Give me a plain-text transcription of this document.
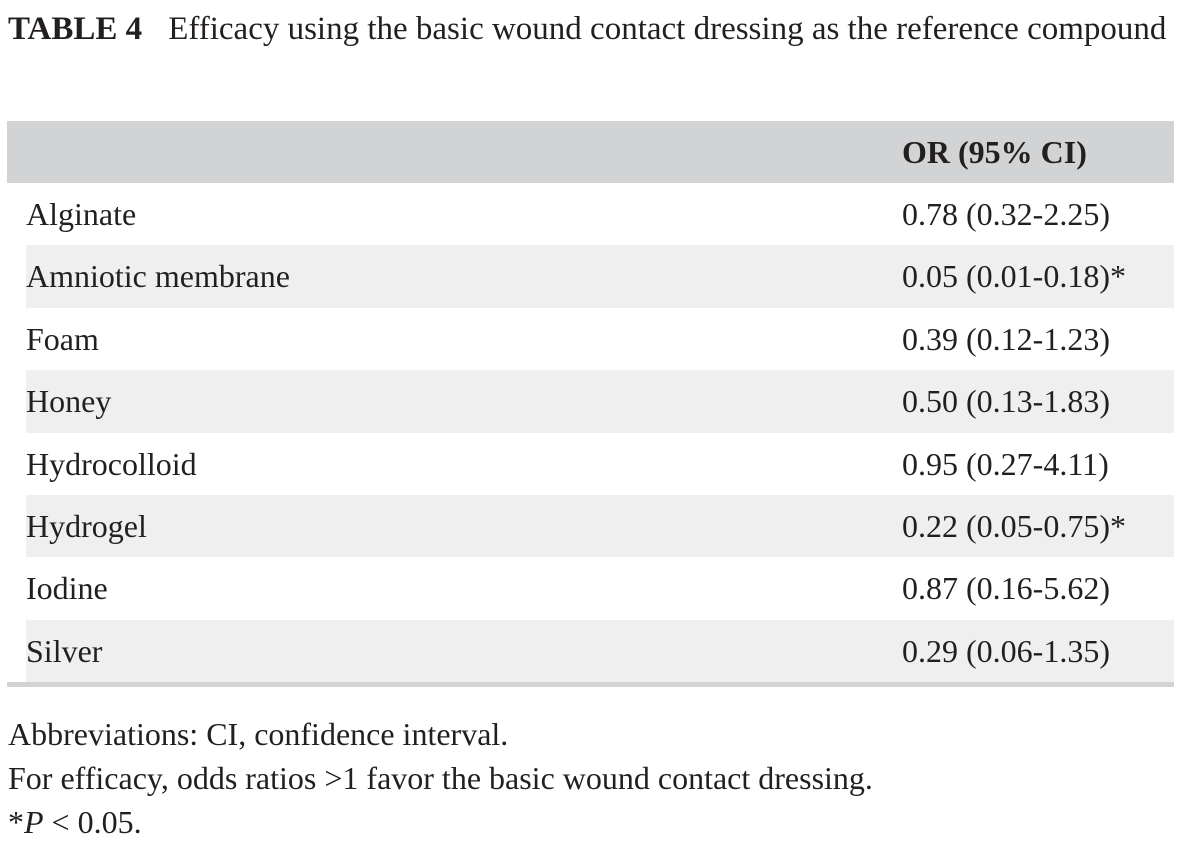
TABLE 4 Efficacy using the basic wound contact dressing as the reference compound
OR (95% CI)
Alginate	0.78 (0.32-2.25)
Amniotic membrane	0.05 (0.01-0.18)*
Foam	0.39 (0.12-1.23)
Honey	0.50 (0.13-1.83)
Hydrocolloid	0.95 (0.27-4.11)
Hydrogel	0.22 (0.05-0.75)*
Iodine	0.87 (0.16-5.62)
Silver	0.29 (0.06-1.35)
Abbreviations: CI, confidence interval.
For efficacy, odds ratios >1 favor the basic wound contact dressing.
*P < 0.05.
